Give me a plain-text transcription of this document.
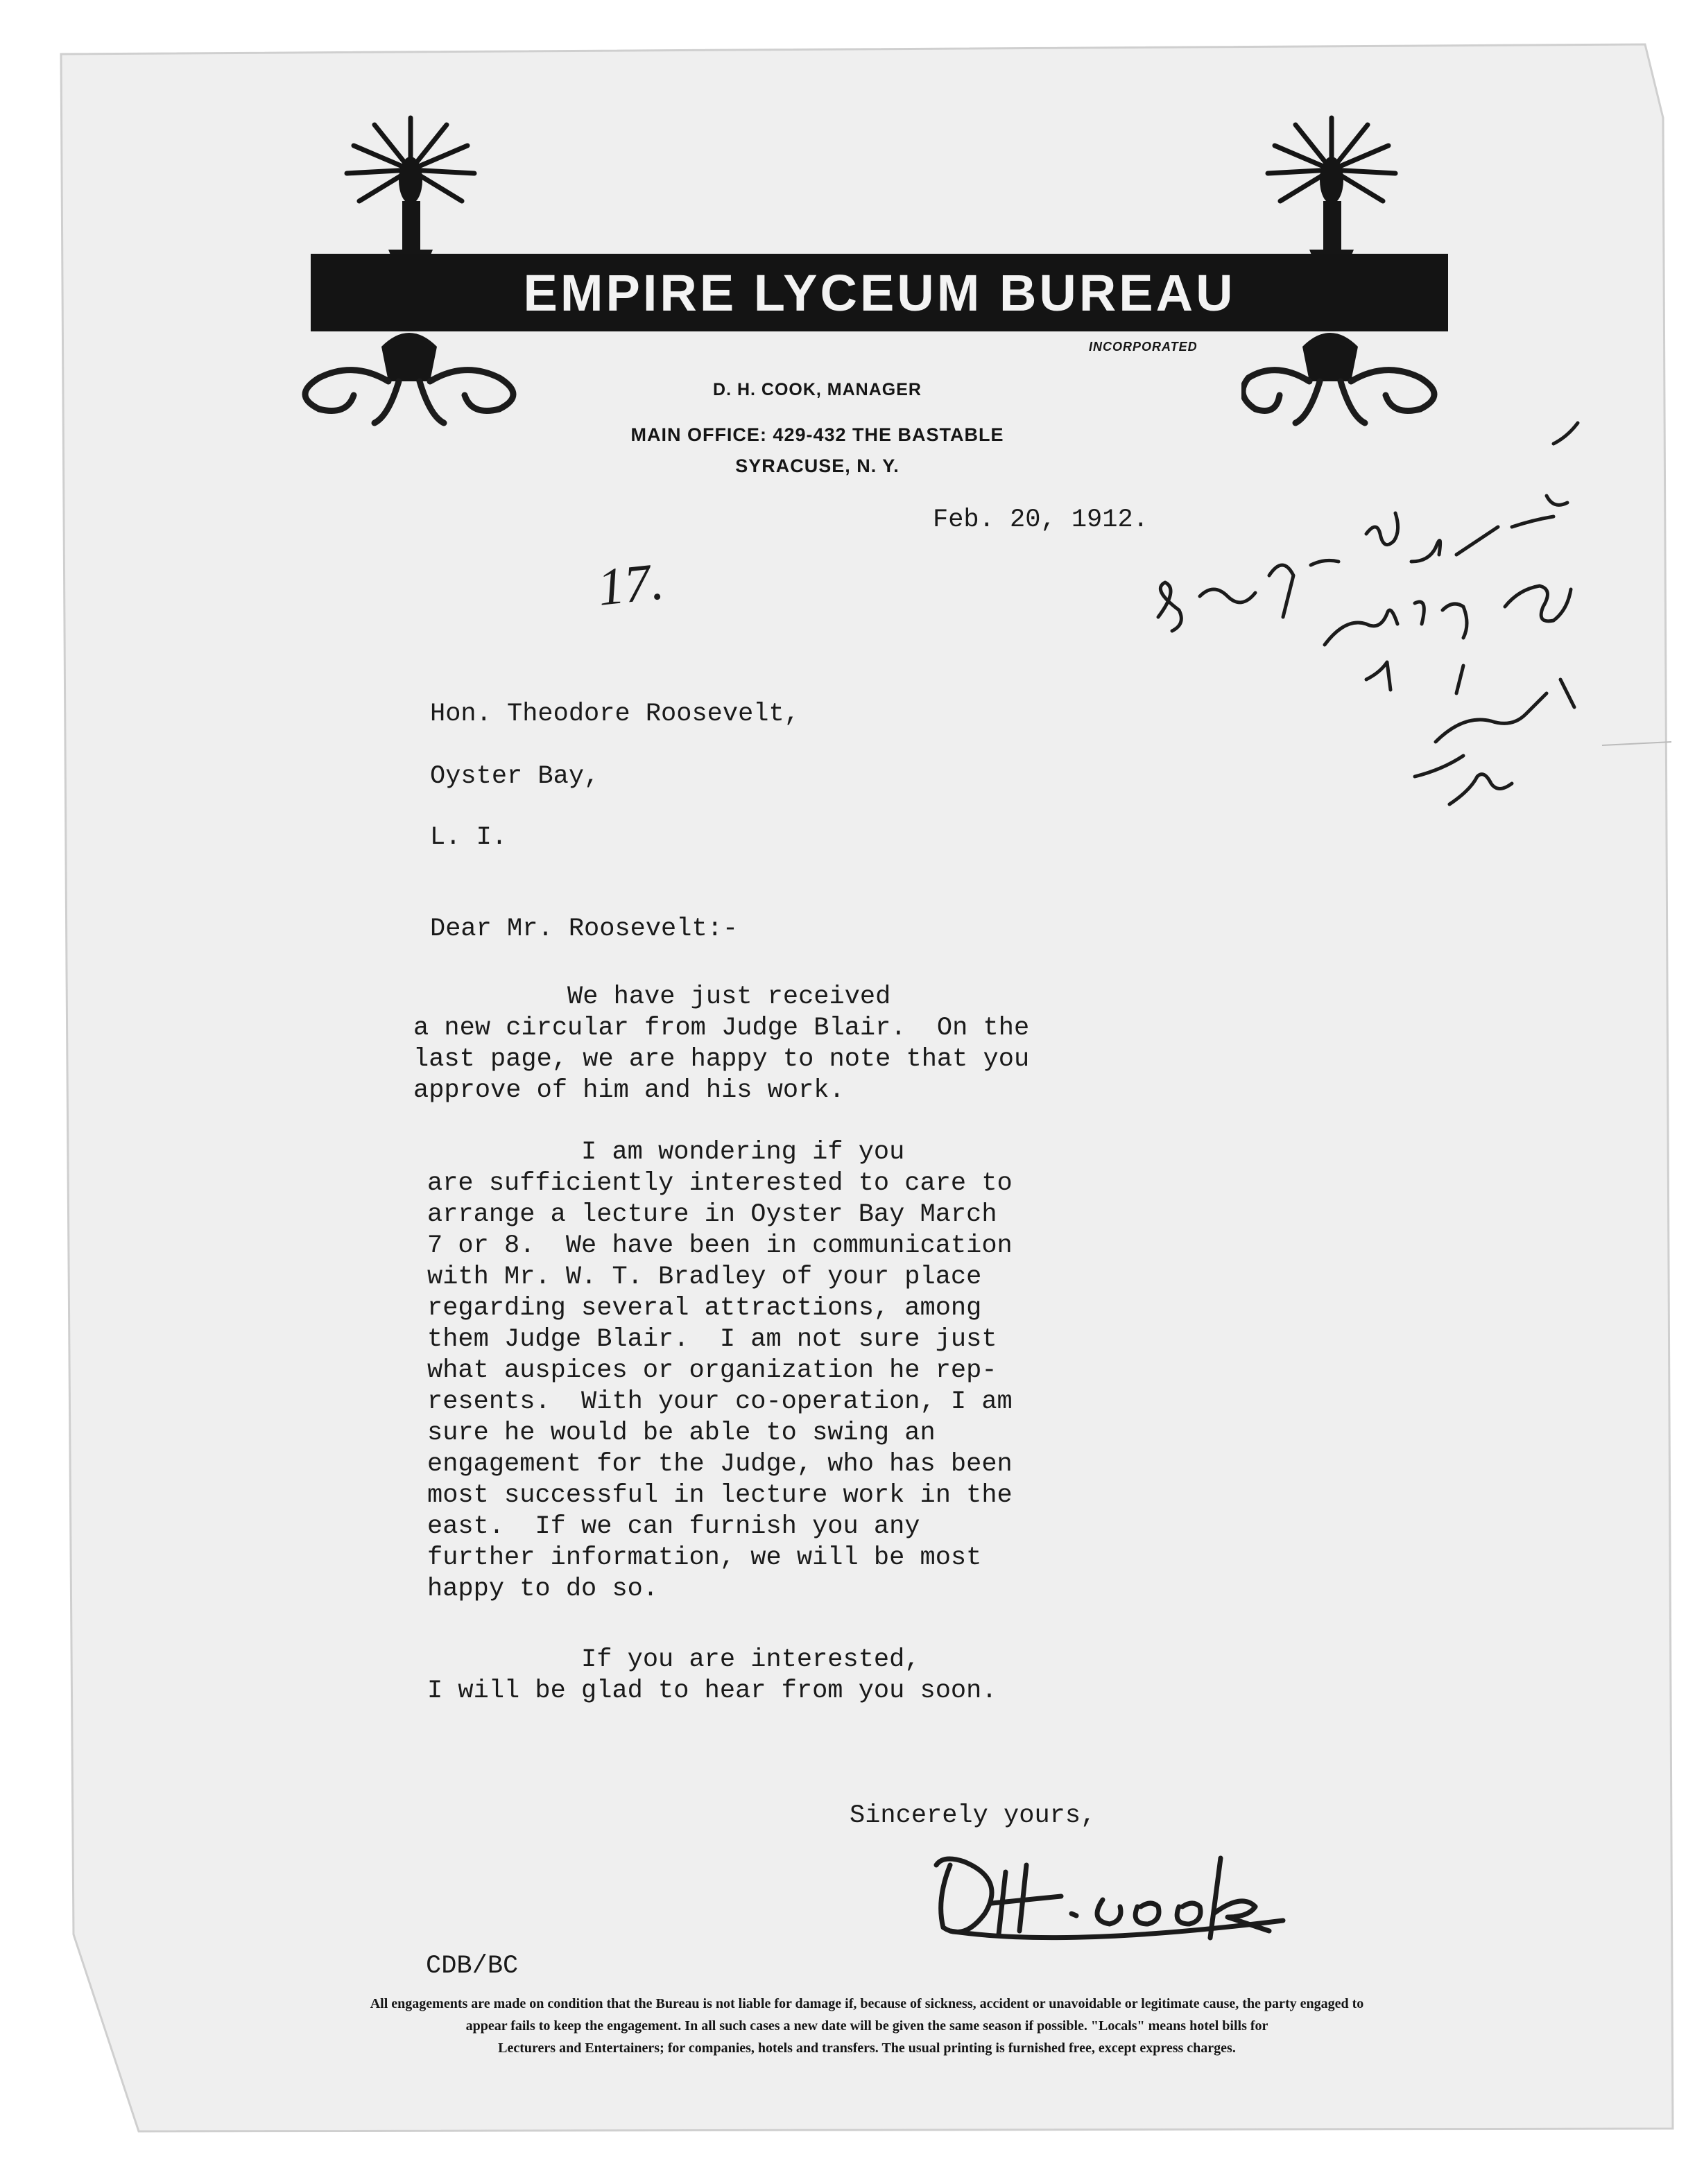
EMPIRE LYCEUM BUREAU
INCORPORATED
D. H. COOK, MANAGER
MAIN OFFICE: 429-432 THE BASTABLE
SYRACUSE, N. Y.
Feb. 20, 1912.
17.
Hon. Theodore Roosevelt,
Oyster Bay,
L. I.
Dear Mr. Roosevelt:-
We have just received
a new circular from Judge Blair.  On the
last page, we are happy to note that you
approve of him and his work.
I am wondering if you
are sufficiently interested to care to
arrange a lecture in Oyster Bay March
7 or 8.  We have been in communication
with Mr. W. T. Bradley of your place
regarding several attractions, among
them Judge Blair.  I am not sure just
what auspices or organization he rep-
resents.  With your co-operation, I am
sure he would be able to swing an
engagement for the Judge, who has been
most successful in lecture work in the
east.  If we can furnish you any
further information, we will be most
happy to do so.
If you are interested,
I will be glad to hear from you soon.
Sincerely yours,
CDB/BC
All engagements are made on condition that the Bureau is not liable for damage if, because of sickness, accident or unavoidable or legitimate cause, the party engaged to
appear fails to keep the engagement. In all such cases a new date will be given the same season if possible. "Locals" means hotel bills for
Lecturers and Entertainers; for companies, hotels and transfers. The usual printing is furnished free, except express charges.
